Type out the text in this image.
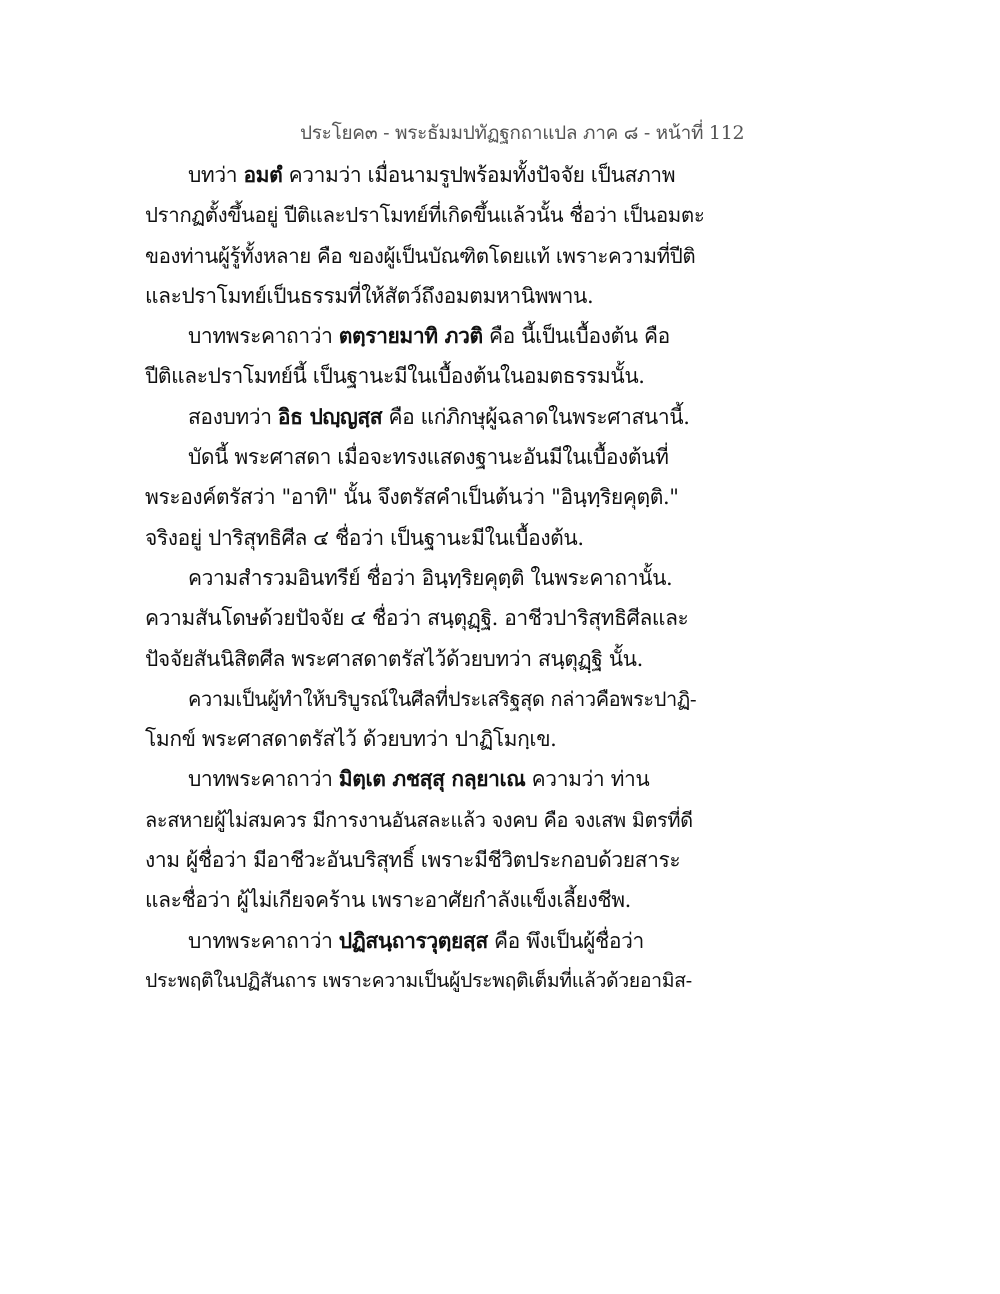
ประโยค๓ - พระธัมมปทัฏฐกถาแปล ภาค ๘ - หน้าที่ 112
บทว่า อมตํ ความว่า เมื่อนามรูปพร้อมทั้งปัจจัย เป็นสภาพ
ปรากฏตั้งขึ้นอยู่ ปีติและปราโมทย์ที่เกิดขึ้นแล้วนั้น ชื่อว่า เป็นอมตะ
ของท่านผู้รู้ทั้งหลาย คือ ของผู้เป็นบัณฑิตโดยแท้ เพราะความที่ปีติ
และปราโมทย์เป็นธรรมที่ให้สัตว์ถึงอมตมหานิพพาน.
บาทพระคาถาว่า ตตฺรายมาทิ ภวติ คือ นี้เป็นเบื้องต้น คือ
ปีติและปราโมทย์นี้ เป็นฐานะมีในเบื้องต้นในอมตธรรมนั้น.
สองบทว่า อิธ ปญฺญสฺส คือ แก่ภิกษุผู้ฉลาดในพระศาสนานี้.
บัดนี้ พระศาสดา เมื่อจะทรงแสดงฐานะอันมีในเบื้องต้นที่
พระองค์ตรัสว่า "อาทิ" นั้น จึงตรัสคำเป็นต้นว่า "อินฺทฺริยคุตฺติ."
จริงอยู่ ปาริสุทธิศีล ๔ ชื่อว่า เป็นฐานะมีในเบื้องต้น.
ความสำรวมอินทรีย์ ชื่อว่า อินฺทฺริยคุตฺติ ในพระคาถานั้น.
ความสันโดษด้วยปัจจัย ๔ ชื่อว่า สนฺตุฏฺฐิ. อาชีวปาริสุทธิศีลและ
ปัจจัยสันนิสิตศีล พระศาสดาตรัสไว้ด้วยบทว่า สนฺตุฏฺฐิ นั้น.
ความเป็นผู้ทำให้บริบูรณ์ในศีลที่ประเสริฐสุด กล่าวคือพระปาฏิ-
โมกข์ พระศาสดาตรัสไว้ ด้วยบทว่า ปาฏิโมกฺเข.
บาทพระคาถาว่า มิตฺเต ภชสฺสุ กลฺยาเณ ความว่า ท่าน
ละสหายผู้ไม่สมควร มีการงานอันสละแล้ว จงคบ คือ จงเสพ มิตรที่ดี
งาม ผู้ชื่อว่า มีอาชีวะอันบริสุทธิ์ เพราะมีชีวิตประกอบด้วยสาระ
และชื่อว่า ผู้ไม่เกียจคร้าน เพราะอาศัยกำลังแข็งเลี้ยงชีพ.
บาทพระคาถาว่า ปฏิสนฺถารวุตฺยสฺส คือ พึงเป็นผู้ชื่อว่า
ประพฤติในปฏิสันถาร เพราะความเป็นผู้ประพฤติเต็มที่แล้วด้วยอามิส-
